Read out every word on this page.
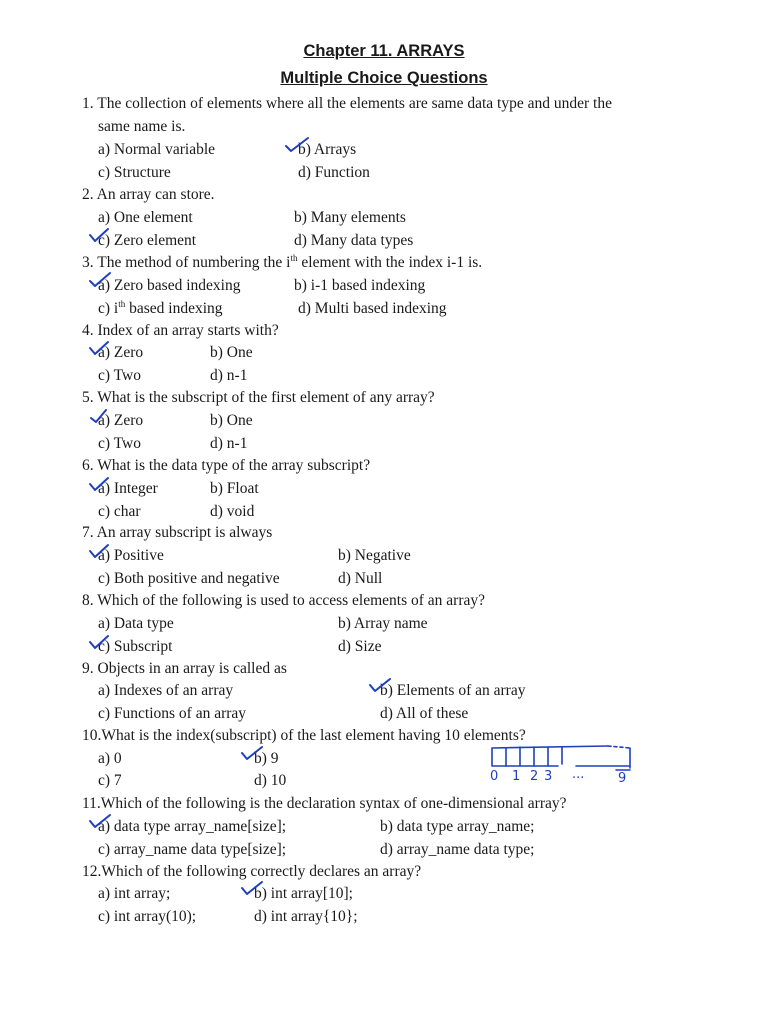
Chapter 11. ARRAYS
Multiple Choice Questions
1. The collection of elements where all the elements are same data type and under the
same name is.
a) Normal variable	b) Arrays
c) Structure	d) Function
2. An array can store.
a) One element	b) Many elements
c) Zero element	d) Many data types
3. The method of numbering the $i^{th}$ element with the index i-1 is.
a) Zero based indexing	b) i-1 based indexing
c) $i^{th}$ based indexing	d) Multi based indexing
4. Index of an array starts with?
a) Zero	b) One
c) Two	d) n-1
5. What is the subscript of the first element of any array?
a) Zero	b) One
c) Two	d) n-1
6. What is the data type of the array subscript?
a) Integer	b) Float
c) char	d) void
7. An array subscript is always
a) Positive	b) Negative
c) Both positive and negative	d) Null
8. Which of the following is used to access elements of an array?
a) Data type	b) Array name
c) Subscript	d) Size
9. Objects in an array is called as
a) Indexes of an array	b) Elements of an array
c) Functions of an array	d) All of these
10.What is the index(subscript) of the last element having 10 elements?
a) 0	b) 9
c) 7	d) 10
11.Which of the following is the declaration syntax of one-dimensional array?
a) data type array_name[size];	b) data type array_name;
c) array_name data type[size];	d) array_name data type;
12.Which of the following correctly declares an array?
a) int array;	b) int array[10];
c) int array(10);	d) int array{10};
0 1 2 3 ...	9
